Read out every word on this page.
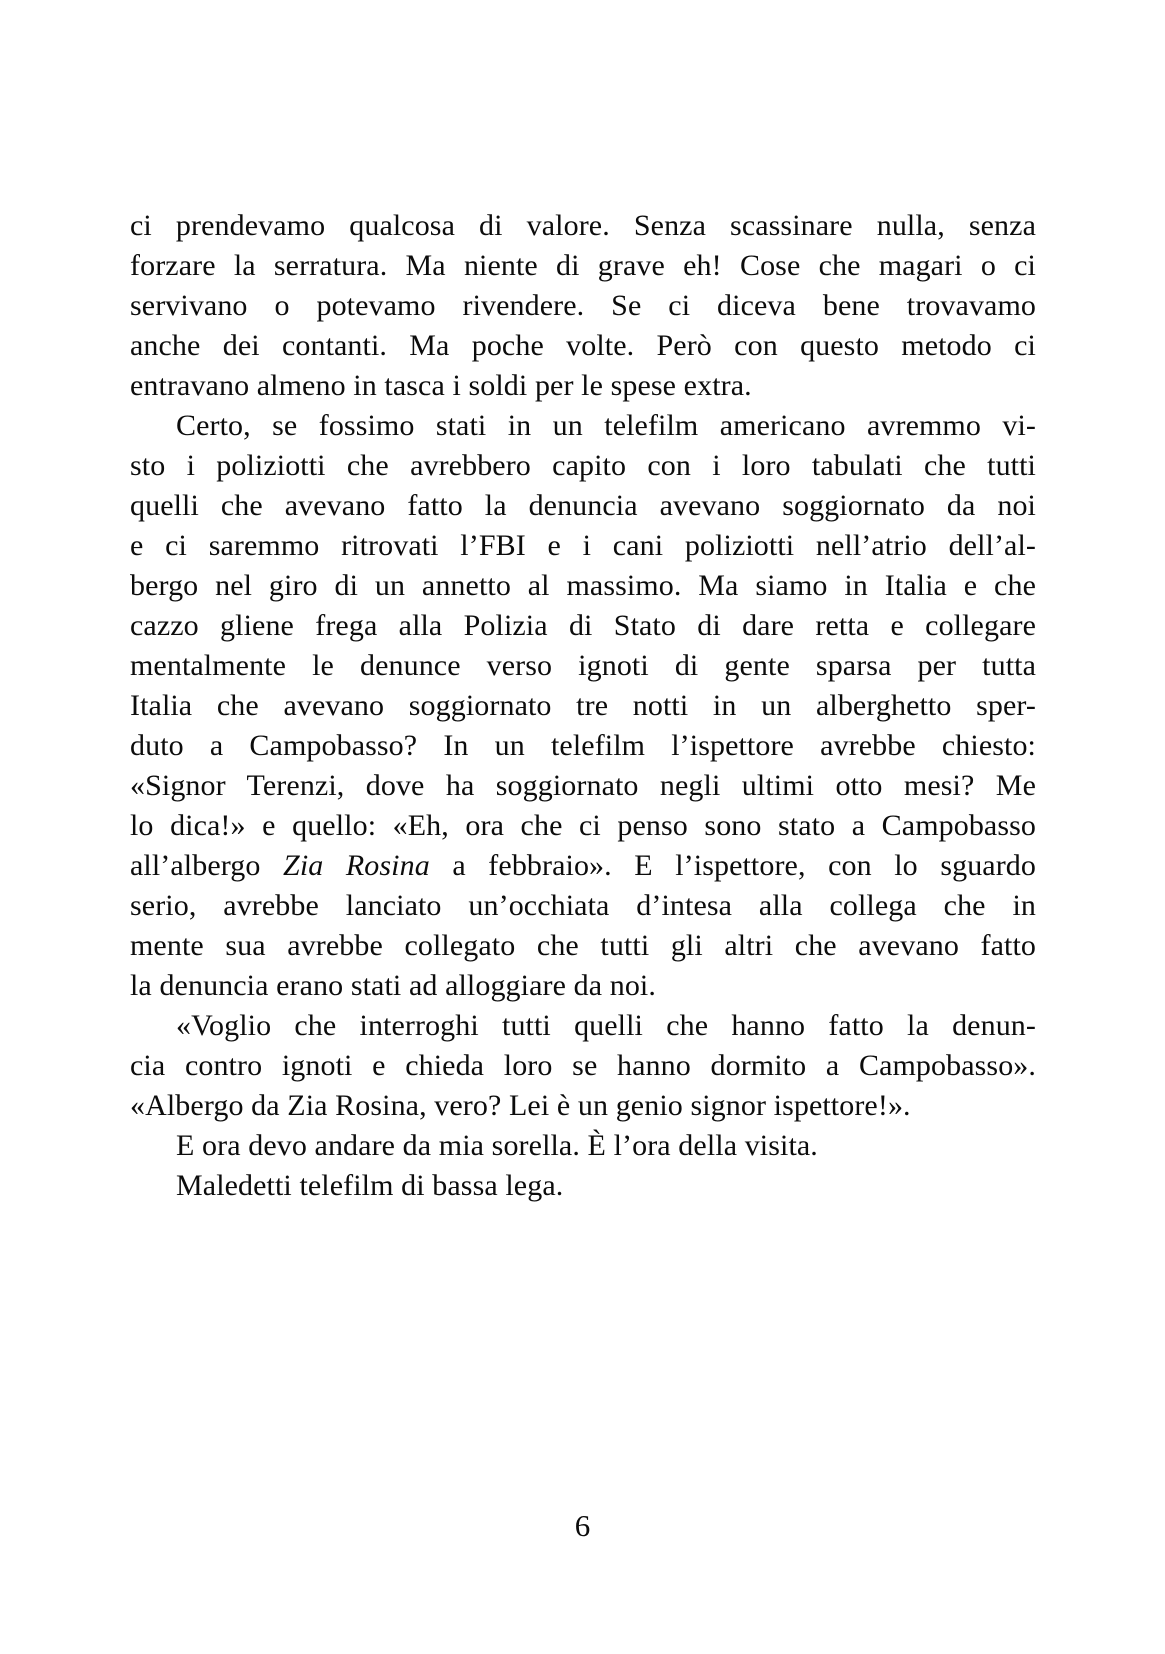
ci prendevamo qualcosa di valore. Senza scassinare nulla, senza
forzare la serratura. Ma niente di grave eh! Cose che magari o ci
servivano o potevamo rivendere. Se ci diceva bene trovavamo
anche dei contanti. Ma poche volte. Però con questo metodo ci
entravano almeno in tasca i soldi per le spese extra.
Certo, se fossimo stati in un telefilm americano avremmo vi-
sto i poliziotti che avrebbero capito con i loro tabulati che tutti
quelli che avevano fatto la denuncia avevano soggiornato da noi
e ci saremmo ritrovati l’FBI e i cani poliziotti nell’atrio dell’al-
bergo nel giro di un annetto al massimo. Ma siamo in Italia e che
cazzo gliene frega alla Polizia di Stato di dare retta e collegare
mentalmente le denunce verso ignoti di gente sparsa per tutta
Italia che avevano soggiornato tre notti in un alberghetto sper-
duto a Campobasso? In un telefilm l’ispettore avrebbe chiesto:
«Signor Terenzi, dove ha soggiornato negli ultimi otto mesi? Me
lo dica!» e quello: «Eh, ora che ci penso sono stato a Campobasso
all’albergo Zia Rosina a febbraio». E l’ispettore, con lo sguardo
serio, avrebbe lanciato un’occhiata d’intesa alla collega che in
mente sua avrebbe collegato che tutti gli altri che avevano fatto
la denuncia erano stati ad alloggiare da noi.
«Voglio che interroghi tutti quelli che hanno fatto la denun-
cia contro ignoti e chieda loro se hanno dormito a Campobasso».
«Albergo da Zia Rosina, vero? Lei è un genio signor ispettore!».
E ora devo andare da mia sorella. È l’ora della visita.
Maledetti telefilm di bassa lega.
6
